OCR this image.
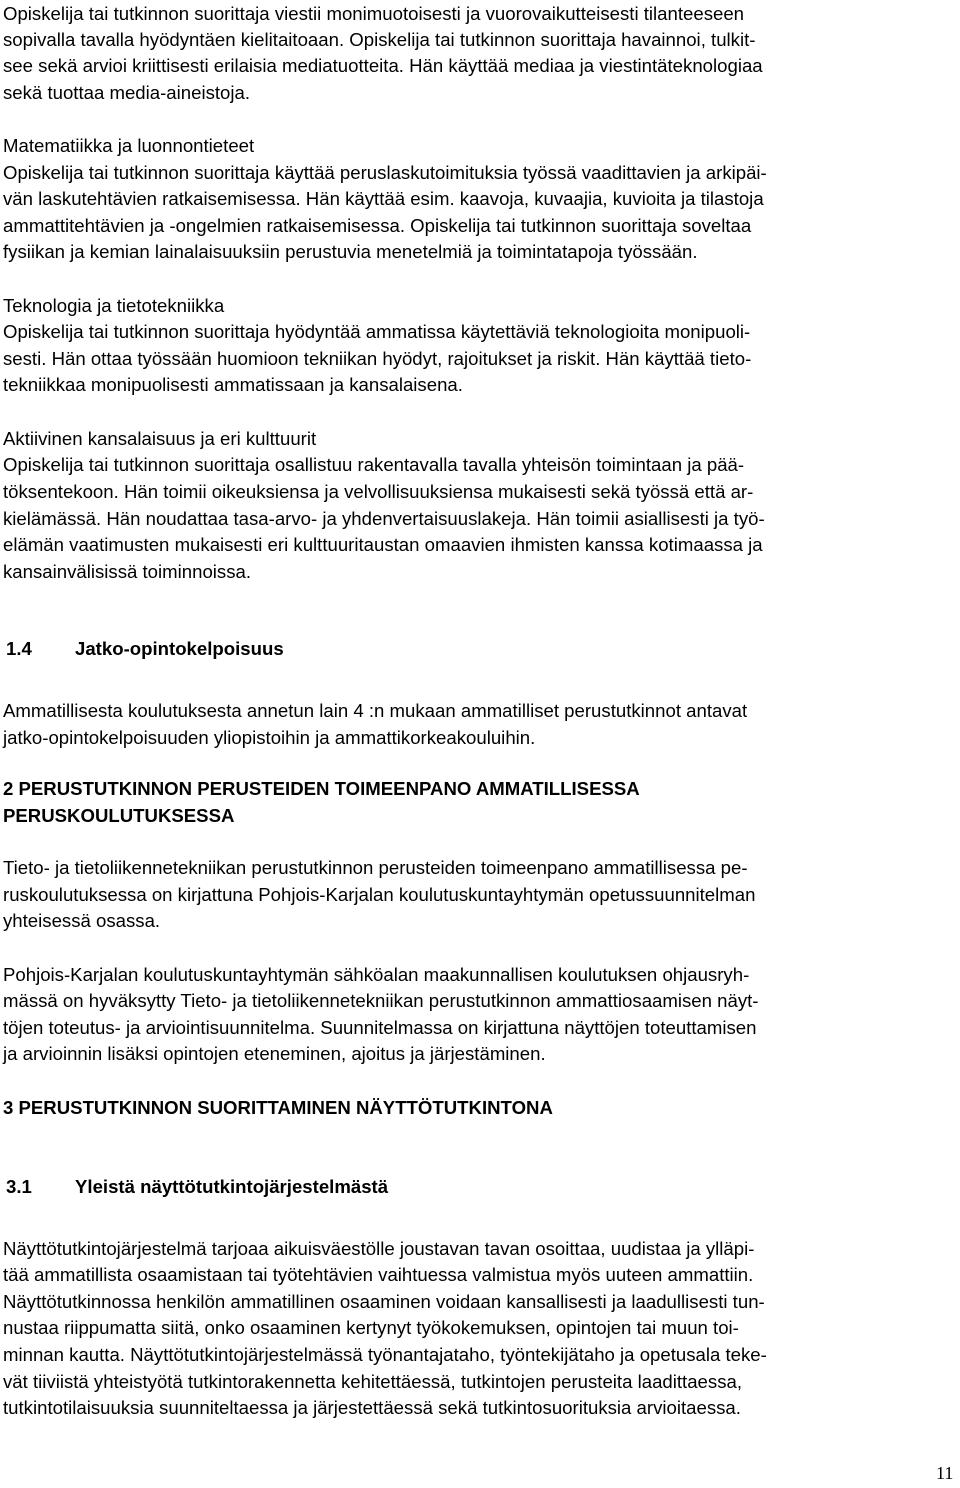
Opiskelija tai tutkinnon suorittaja viestii monimuotoisesti ja vuorovaikutteisesti tilanteeseen
sopivalla tavalla hyödyntäen kielitaitoaan. Opiskelija tai tutkinnon suorittaja havainnoi, tulkit-
see sekä arvioi kriittisesti erilaisia mediatuotteita. Hän käyttää mediaa ja viestintäteknologiaa
sekä tuottaa media-aineistoja.
Matematiikka ja luonnontieteet
Opiskelija tai tutkinnon suorittaja käyttää peruslaskutoimituksia työssä vaadittavien ja arkipäi-
vän laskutehtävien ratkaisemisessa. Hän käyttää esim. kaavoja, kuvaajia, kuvioita ja tilastoja
ammattitehtävien ja -ongelmien ratkaisemisessa. Opiskelija tai tutkinnon suorittaja soveltaa
fysiikan ja kemian lainalaisuuksiin perustuvia menetelmiä ja toimintatapoja työssään.
Teknologia ja tietotekniikka
Opiskelija tai tutkinnon suorittaja hyödyntää ammatissa käytettäviä teknologioita monipuoli-
sesti. Hän ottaa työssään huomioon tekniikan hyödyt, rajoitukset ja riskit. Hän käyttää tieto-
tekniikkaa monipuolisesti ammatissaan ja kansalaisena.
Aktiivinen kansalaisuus ja eri kulttuurit
Opiskelija tai tutkinnon suorittaja osallistuu rakentavalla tavalla yhteisön toimintaan ja pää-
töksentekoon. Hän toimii oikeuksiensa ja velvollisuuksiensa mukaisesti sekä työssä että ar-
kielämässä. Hän noudattaa tasa-arvo- ja yhdenvertaisuuslakeja. Hän toimii asiallisesti ja työ-
elämän vaatimusten mukaisesti eri kulttuuritaustan omaavien ihmisten kanssa kotimaassa ja
kansainvälisissä toiminnoissa.
1.4 Jatko-opintokelpoisuus
Ammatillisesta koulutuksesta annetun lain 4 :n mukaan ammatilliset perustutkinnot antavat
jatko-opintokelpoisuuden yliopistoihin ja ammattikorkeakouluihin.
2 PERUSTUTKINNON PERUSTEIDEN TOIMEENPANO AMMATILLISESSA
PERUSKOULUTUKSESSA
Tieto- ja tietoliikennetekniikan perustutkinnon perusteiden toimeenpano ammatillisessa pe-
ruskoulutuksessa on kirjattuna Pohjois-Karjalan koulutuskuntayhtymän opetussuunnitelman
yhteisessä osassa.
Pohjois-Karjalan koulutuskuntayhtymän sähköalan maakunnallisen koulutuksen ohjausryh-
mässä on hyväksytty Tieto- ja tietoliikennetekniikan perustutkinnon ammattiosaamisen näyt-
töjen toteutus- ja arviointisuunnitelma. Suunnitelmassa on kirjattuna näyttöjen toteuttamisen
ja arvioinnin lisäksi opintojen eteneminen, ajoitus ja järjestäminen.
3 PERUSTUTKINNON SUORITTAMINEN NÄYTTÖTUTKINTONA
3.1 Yleistä näyttötutkintojärjestelmästä
Näyttötutkintojärjestelmä tarjoaa aikuisväestölle joustavan tavan osoittaa, uudistaa ja ylläpi-
tää ammatillista osaamistaan tai työtehtävien vaihtuessa valmistua myös uuteen ammattiin.
Näyttötutkinnossa henkilön ammatillinen osaaminen voidaan kansallisesti ja laadullisesti tun-
nustaa riippumatta siitä, onko osaaminen kertynyt työkokemuksen, opintojen tai muun toi-
minnan kautta. Näyttötutkintojärjestelmässä työnantajataho, työntekijätaho ja opetusala teke-
vät tiiviistä yhteistyötä tutkintorakennetta kehitettäessä, tutkintojen perusteita laadittaessa,
tutkintotilaisuuksia suunniteltaessa ja järjestettäessä sekä tutkintosuorituksia arvioitaessa.
11
